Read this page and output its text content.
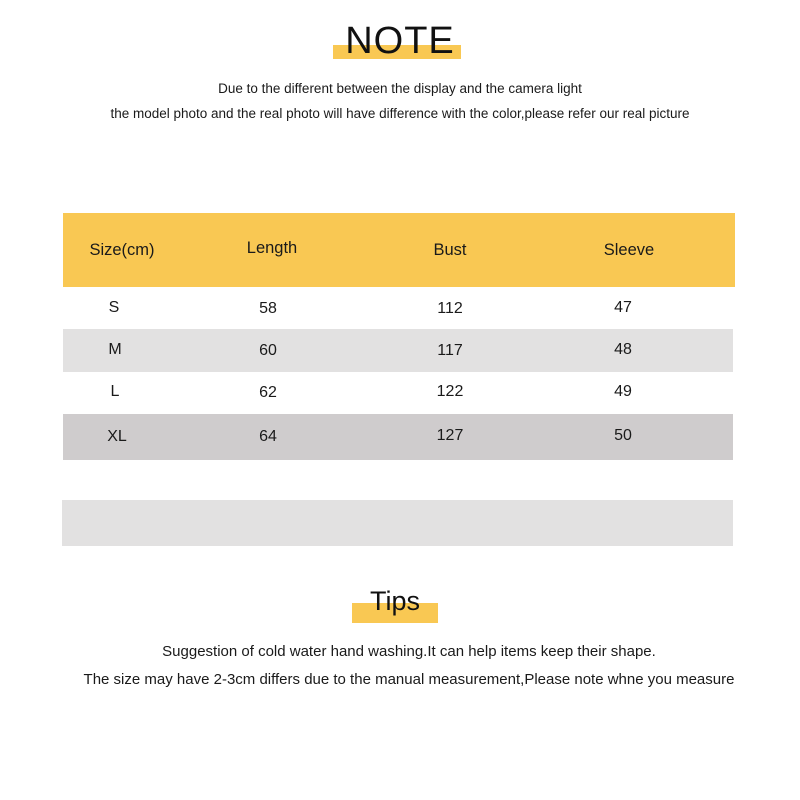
NOTE
Due to the different between the display and the camera light
the model photo and the real photo will have difference with the color,please refer our real picture
Size(cm)	Length	Bust	Sleeve
S	58	112	47
M	60	117	48
L	62	122	49
XL	64	127	50
Tips
Suggestion of cold water hand washing.It can help items keep their shape.
The size may have 2-3cm differs due to the manual measurement,Please note whne you measure
